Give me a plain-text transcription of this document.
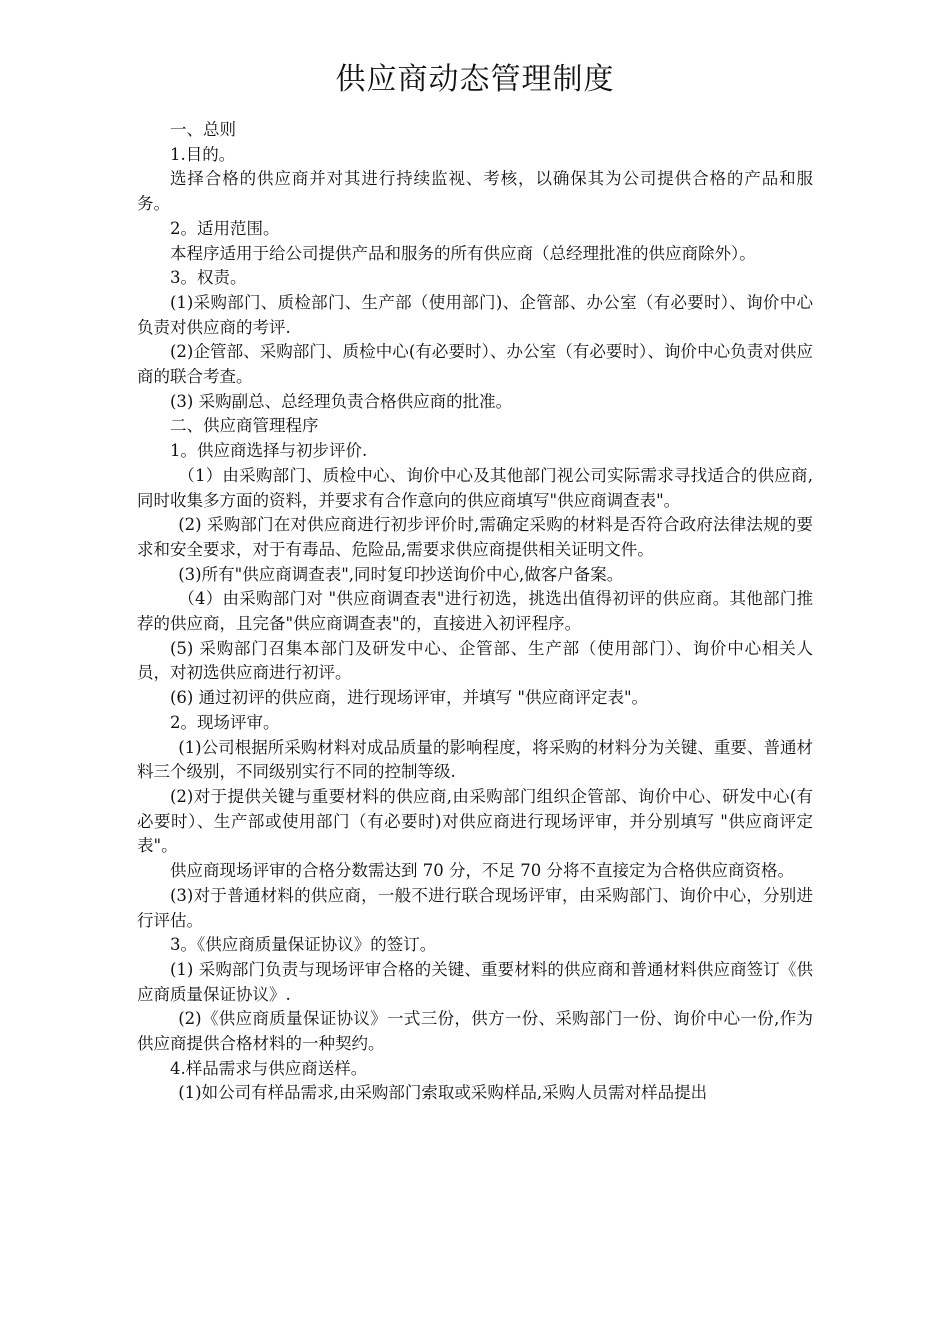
供应商动态管理制度

一、总则

1.目的。

选择合格的供应商并对其进行持续监视、考核，以确保其为公司提供合格的产品和服务。

2。适用范围。

本程序适用于给公司提供产品和服务的所有供应商（总经理批准的供应商除外）。

3。权责。

(1)采购部门、质检部门、生产部（使用部门)、企管部、办公室（有必要时）、询价中心负责对供应商的考评.

(2)企管部、采购部门、质检中心(有必要时）、办公室（有必要时）、询价中心负责对供应商的联合考查。

(3) 采购副总、总经理负责合格供应商的批准。

二、供应商管理程序

1。供应商选择与初步评价.

（1）由采购部门、质检中心、询价中心及其他部门视公司实际需求寻找适合的供应商,同时收集多方面的资料，并要求有合作意向的供应商填写"供应商调查表"。

(2) 采购部门在对供应商进行初步评价时,需确定采购的材料是否符合政府法律法规的要求和安全要求，对于有毒品、危险品,需要求供应商提供相关证明文件。

(3)所有"供应商调查表",同时复印抄送询价中心,做客户备案。

（4）由采购部门对 "供应商调查表"进行初选，挑选出值得初评的供应商。其他部门推荐的供应商，且完备"供应商调查表"的，直接进入初评程序。

(5) 采购部门召集本部门及研发中心、企管部、生产部（使用部门）、询价中心相关人员，对初选供应商进行初评。

(6) 通过初评的供应商，进行现场评审，并填写 "供应商评定表"。

2。现场评审。

(1)公司根据所采购材料对成品质量的影响程度，将采购的材料分为关键、重要、普通材料三个级别，不同级别实行不同的控制等级.

(2)对于提供关键与重要材料的供应商,由采购部门组织企管部、询价中心、研发中心(有必要时）、生产部或使用部门（有必要时)对供应商进行现场评审，并分别填写 "供应商评定表"。

供应商现场评审的合格分数需达到 70 分，不足 70 分将不直接定为合格供应商资格。

(3)对于普通材料的供应商，一般不进行联合现场评审，由采购部门、询价中心，分别进行评估。

3。《供应商质量保证协议》的签订。

(1) 采购部门负责与现场评审合格的关键、重要材料的供应商和普通材料供应商签订《供应商质量保证协议》.

(2)《供应商质量保证协议》一式三份，供方一份、采购部门一份、询价中心一份,作为供应商提供合格材料的一种契约。

4.样品需求与供应商送样。

(1)如公司有样品需求,由采购部门索取或采购样品,采购人员需对样品提出
